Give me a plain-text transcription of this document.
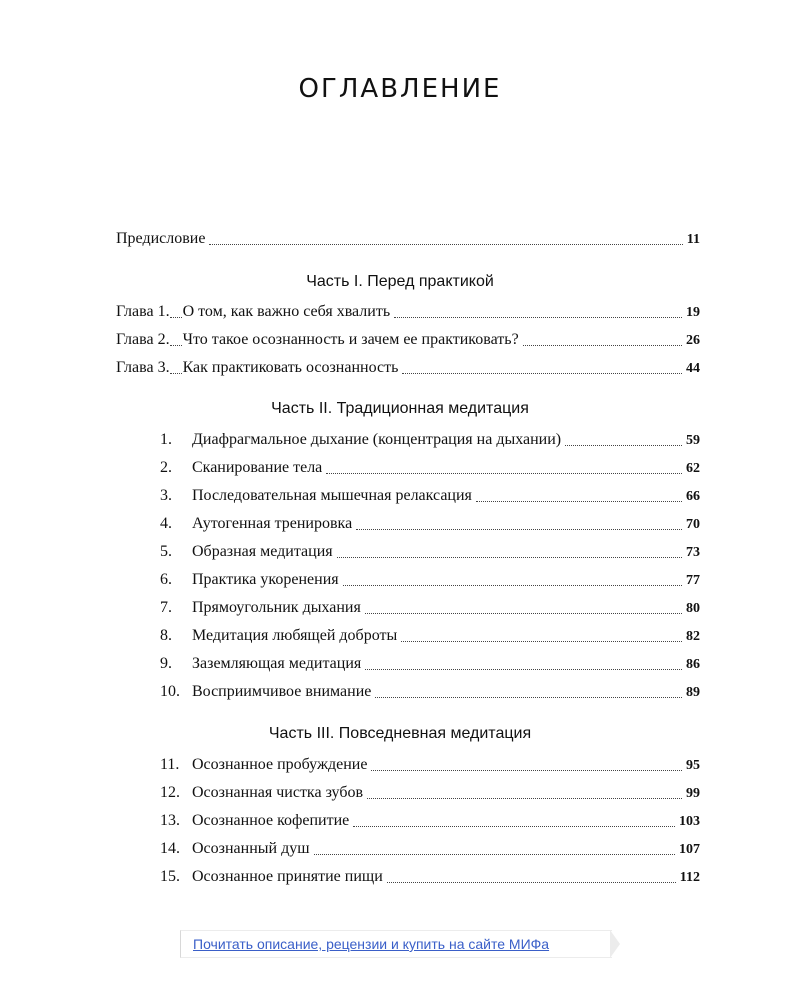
ОГЛАВЛЕНИЕ
Предисловие	11

Часть I. Перед практикой

Глава 1. О том, как важно себя хвалить	19
Глава 2. Что такое осознанность и зачем ее практиковать?	26
Глава 3. Как практиковать осознанность	44

Часть II. Традиционная медитация

1.	Диафрагмальное дыхание (концентрация на дыхании)	59
2.	Сканирование тела	62
3.	Последовательная мышечная релаксация	66
4.	Аутогенная тренировка	70
5.	Образная медитация	73
6.	Практика укоренения	77
7.	Прямоугольник дыхания	80
8.	Медитация любящей доброты	82
9.	Заземляющая медитация	86
10. Восприимчивое внимание	89

Часть III. Повседневная медитация

11. Осознанное пробуждение	95
12. Осознанная чистка зубов	99
13. Осознанное кофепитие	103
14. Осознанный душ	107
15. Осознанное принятие пищи	112
Почитать описание, рецензии и купить на сайте МИФа
